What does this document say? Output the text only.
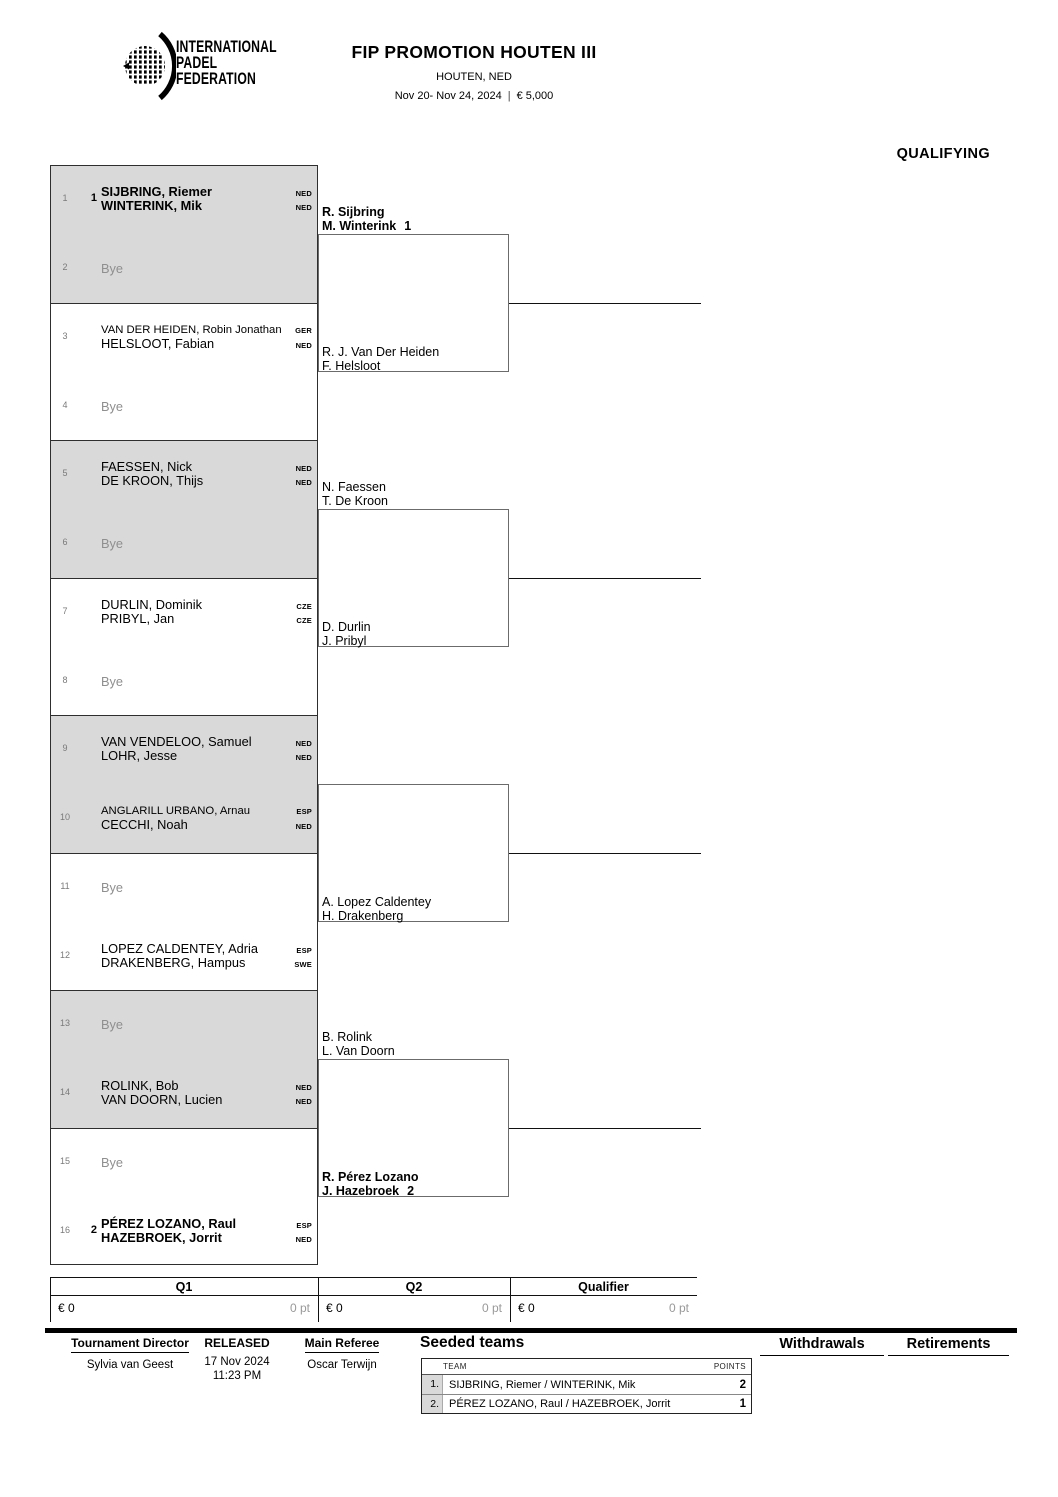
INTERNATIONAL
PADEL
FEDERATION
FIP PROMOTION HOUTEN III
HOUTEN, NED
Nov 20- Nov 24, 2024 | € 5,000
QUALIFYING
1	1 SIJBRING, Riemer	NED
WINTERINK, Mik	NED
2	Bye
3	VAN DER HEIDEN, Robin Jonathan GER
HELSLOOT, Fabian	NED
4	Bye
5	FAESSEN, Nick	NED
DE KROON, Thijs	NED
6	Bye
7	DURLIN, Dominik	CZE
PRIBYL, Jan	CZE
8	Bye
9	VAN VENDELOO, Samuel	NED
LOHR, Jesse	NED
10	ANGLARILL URBANO, Arnau	ESP
CECCHI, Noah	NED
11	Bye
12	LOPEZ CALDENTEY, Adria	ESP
DRAKENBERG, Hampus	SWE
13	Bye
14	ROLINK, Bob	NED
VAN DOORN, Lucien	NED
15	Bye
16	2 PÉREZ LOZANO, Raul	ESP
HAZEBROEK, Jorrit	NED
R. Sijbring
M. Winterink 1
R. J. Van Der Heiden
F. Helsloot
N. Faessen
T. De Kroon
D. Durlin
J. Pribyl
A. Lopez Caldentey
H. Drakenberg
B. Rolink
L. Van Doorn
R. Pérez Lozano
J. Hazebroek 2
Q1	Q2	Qualifier
€ 0	0 pt € 0	0 pt € 0	0 pt
Tournament Director
Sylvia van Geest
RELEASED
17 Nov 2024
11:23 PM
Main Referee
Oscar Terwijn
Seeded teams
TEAM	POINTS
1. SIJBRING, Riemer / WINTERINK, Mik	2
2. PÉREZ LOZANO, Raul / HAZEBROEK, Jorrit	1
Withdrawals	Retirements
